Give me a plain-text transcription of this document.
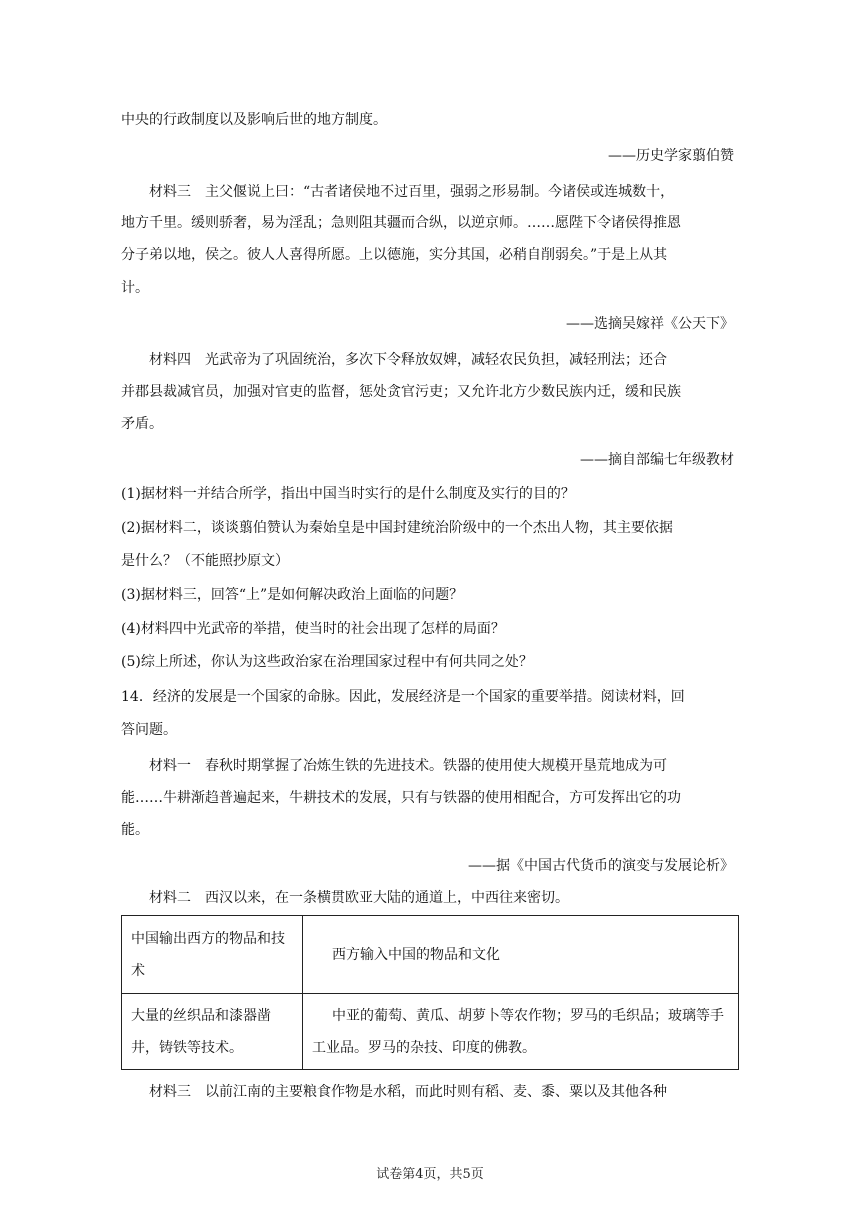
中央的行政制度以及影响后世的地方制度。
——历史学家翦伯赞
材料三　主父偃说上曰：“古者诸侯地不过百里，强弱之形易制。今诸侯或连城数十，
地方千里。缓则骄奢，易为淫乱；急则阻其疆而合纵，以逆京师。……愿陛下令诸侯得推恩
分子弟以地，侯之。彼人人喜得所愿。上以德施，实分其国，必稍自削弱矣。”于是上从其
计。
——选摘吴嫁祥《公天下》
材料四　光武帝为了巩固统治，多次下令释放奴婢，减轻农民负担，减轻刑法；还合
并郡县裁减官员，加强对官吏的监督，惩处贪官污吏；又允许北方少数民族内迁，缓和民族
矛盾。
——摘自部编七年级教材
(1)据材料一并结合所学，指出中国当时实行的是什么制度及实行的目的？
(2)据材料二，谈谈翦伯赞认为秦始皇是中国封建统治阶级中的一个杰出人物，其主要依据
是什么？（不能照抄原文）
(3)据材料三，回答“上”是如何解决政治上面临的问题？
(4)材料四中光武帝的举措，使当时的社会出现了怎样的局面？
(5)综上所述，你认为这些政治家在治理国家过程中有何共同之处？
14．经济的发展是一个国家的命脉。因此，发展经济是一个国家的重要举措。阅读材料，回
答问题。
材料一　春秋时期掌握了冶炼生铁的先进技术。铁器的使用使大规模开垦荒地成为可
能……牛耕渐趋普遍起来，牛耕技术的发展，只有与铁器的使用相配合，方可发挥出它的功
能。
——据《中国古代货币的演变与发展论析》
材料二　西汉以来，在一条横贯欧亚大陆的通道上，中西往来密切。
中国输出西方的物品和技术	西方输入中国的物品和文化

大量的丝织品和漆器凿井，铸铁等技术。	中亚的葡萄、黄瓜、胡萝卜等农作物；罗马的毛织品；玻璃等手工业品。罗马的杂技、印度的佛教。
材料三　以前江南的主要粮食作物是水稻，而此时则有稻、麦、黍、粟以及其他各种
试卷第4页，共5页
